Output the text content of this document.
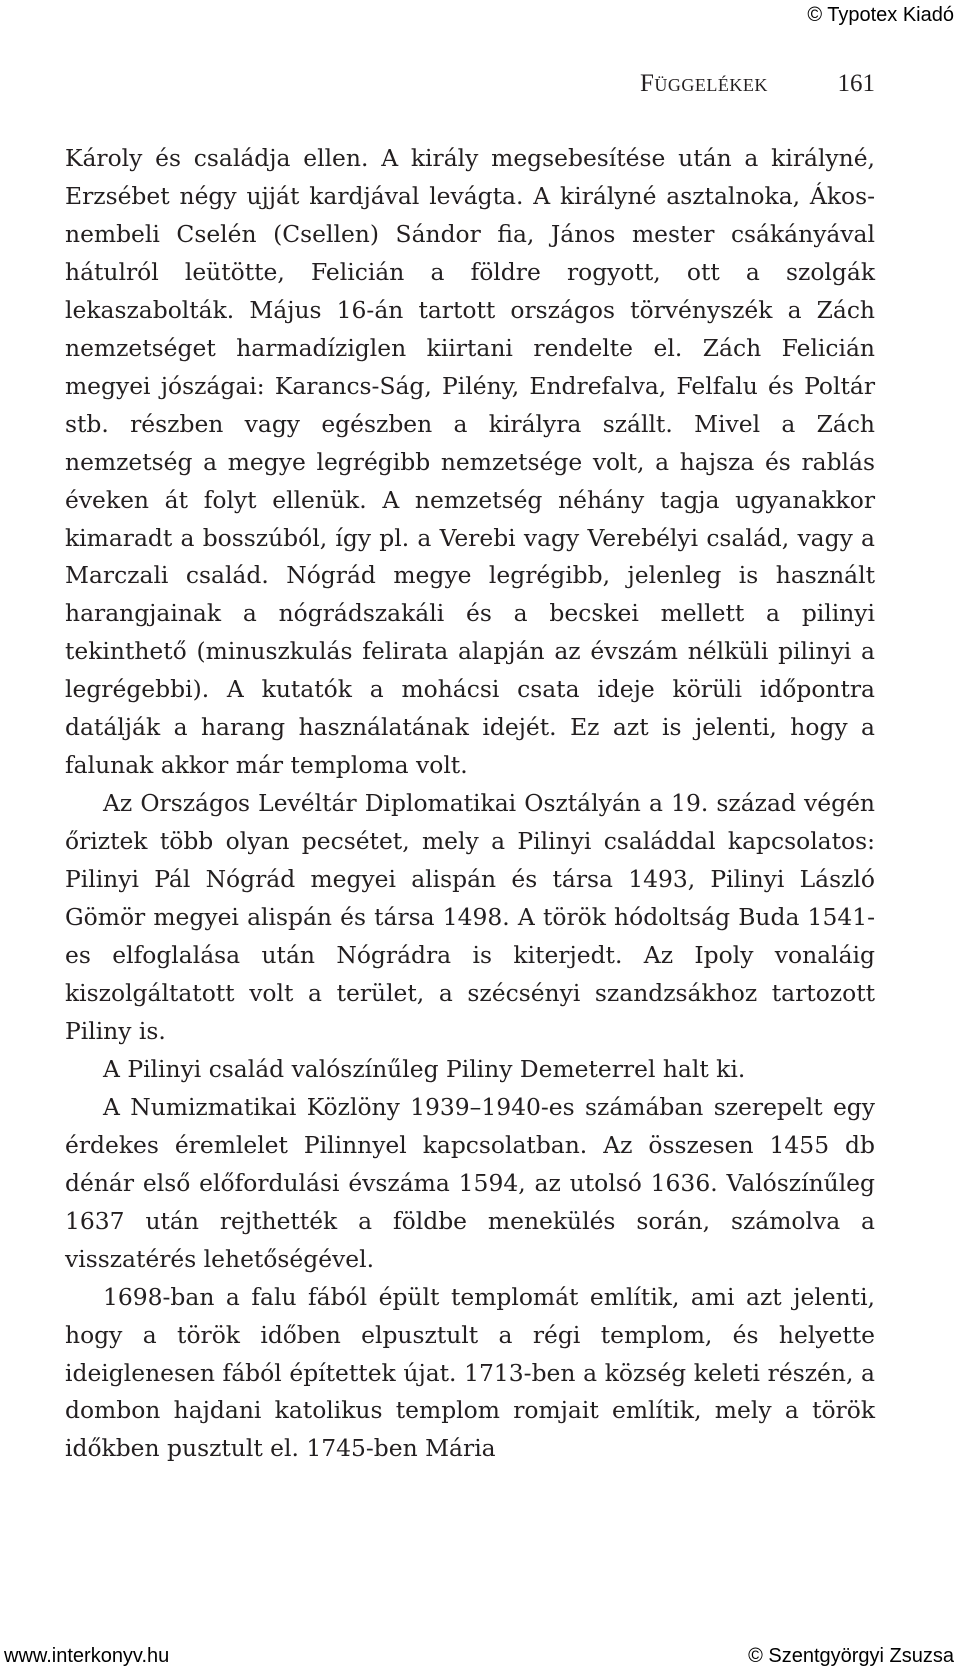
© Typotex Kiadó
Függelékek	161

Károly és családja ellen. A király megsebesítése után a királyné, Erzsébet négy ujját kardjával levágta. A királyné asztalnoka, Ákos-nembeli Cselén (Csellen) Sándor fia, János mester csákányával hátulról leütötte, Felicián a földre rogyott, ott a szolgák lekaszabolták. Május 16-án tartott országos törvényszék a Zách nemzetséget harmadíziglen kiirtani rendelte el. Zách Felicián megyei jószágai: Karancs-Ság, Pilény, Endrefalva, Felfalu és Poltár stb. részben vagy egészben a királyra szállt. Mivel a Zách nemzetség a megye legrégibb nemzetsége volt, a hajsza és rablás éveken át folyt ellenük. A nemzetség néhány tagja ugyanakkor kimaradt a bosszúból, így pl. a Verebi vagy Verebélyi család, vagy a Marczali család. Nógrád megye legrégibb, jelenleg is használt harangjainak a nógrádszakáli és a becskei mellett a pilinyi tekinthető (minuszkulás felirata alapján az évszám nélküli pilinyi a legrégebbi). A kutatók a mohácsi csata ideje körüli időpontra datálják a harang használatának idejét. Ez azt is jelenti, hogy a falunak akkor már temploma volt.

Az Országos Levéltár Diplomatikai Osztályán a 19. század végén őriztek több olyan pecsétet, mely a Pilinyi családdal kapcsolatos: Pilinyi Pál Nógrád megyei alispán és társa 1493, Pilinyi László Gömör megyei alispán és társa 1498. A török hódoltság Buda 1541-es elfoglalása után Nógrádra is kiterjedt. Az Ipoly vonaláig kiszolgáltatott volt a terület, a szécsényi szandzsákhoz tartozott Piliny is.

A Pilinyi család valószínűleg Piliny Demeterrel halt ki.

A Numizmatikai Közlöny 1939–1940-es számában szerepelt egy érdekes éremlelet Pilinnyel kapcsolatban. Az összesen 1455 db dénár első előfordulási évszáma 1594, az utolsó 1636. Valószínűleg 1637 után rejthették a földbe menekülés során, számolva a visszatérés lehetőségével.

1698-ban a falu fából épült templomát említik, ami azt jelenti, hogy a török időben elpusztult a régi templom, és helyette ideiglenesen fából építettek újat. 1713-ben a község keleti részén, a dombon hajdani katolikus templom romjait említik, mely a török időkben pusztult el. 1745-ben Mária

www.interkonyv.hu	© Szentgyörgyi Zsuzsa
